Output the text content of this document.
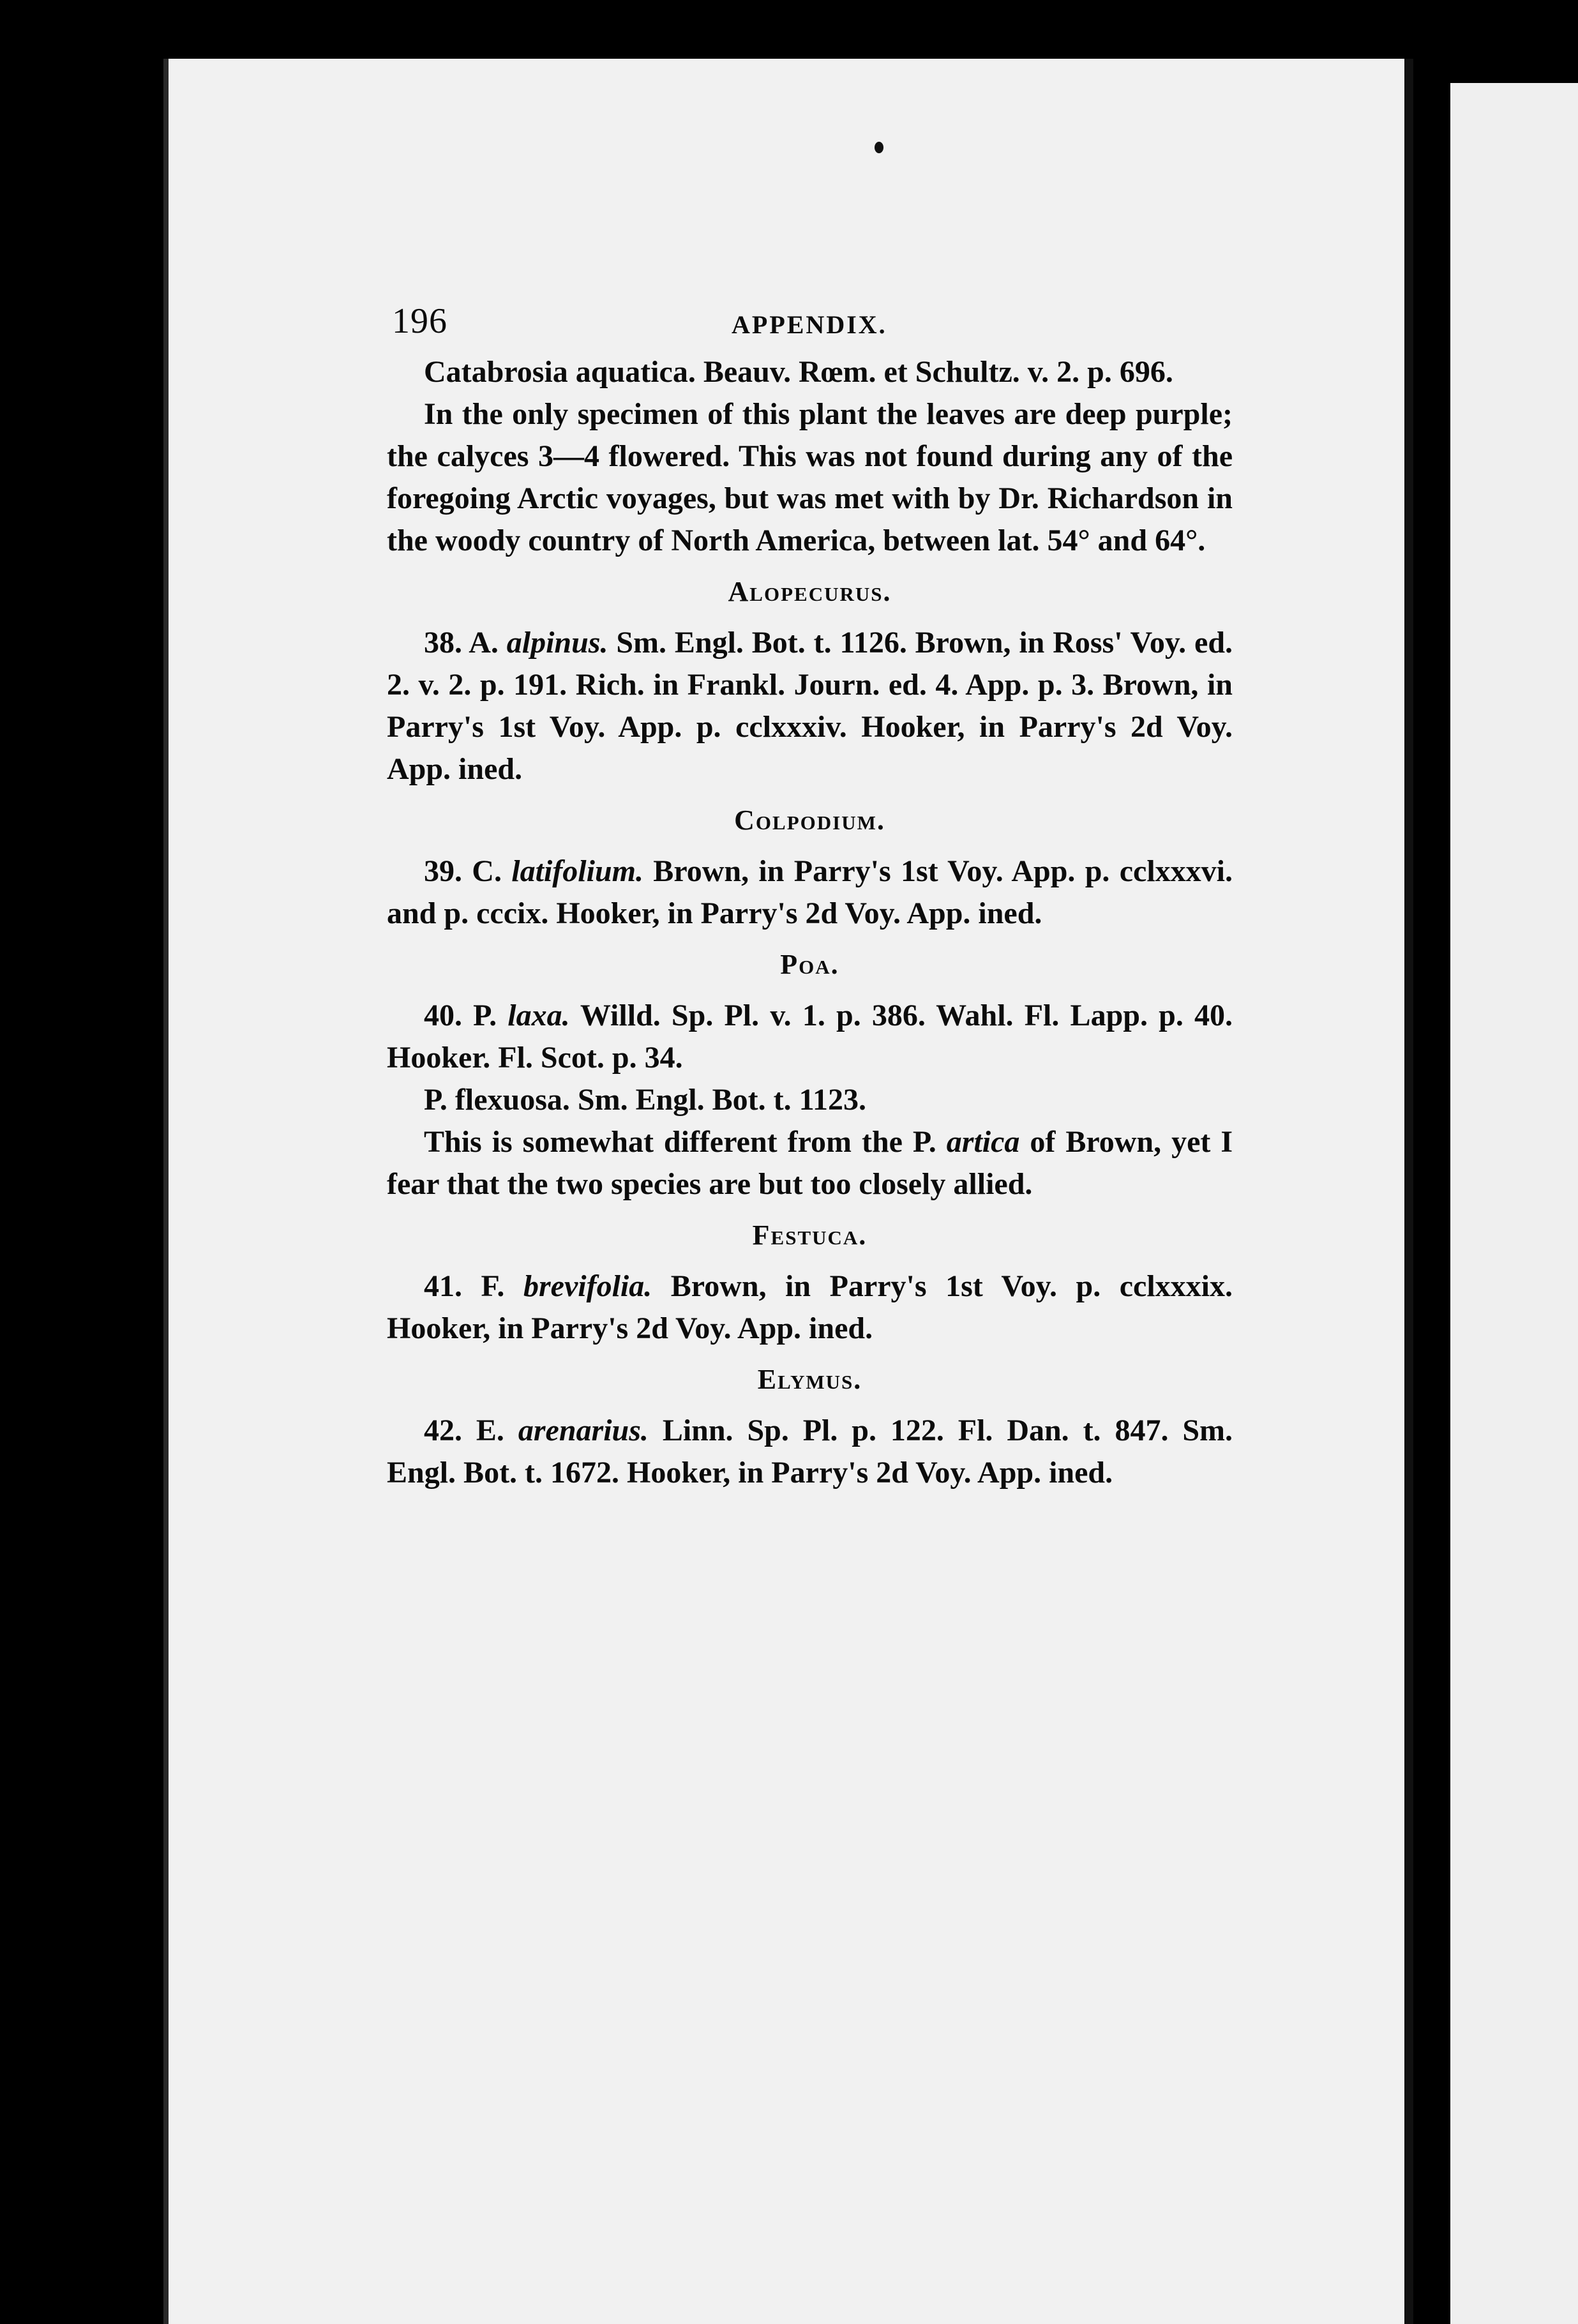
196	APPENDIX.

Catabrosia aquatica. Beauv. Rœm. et Schultz. v. 2. p. 696.

In the only specimen of this plant the leaves are deep purple; the calyces 3—4 flowered. This was not found during any of the foregoing Arctic voyages, but was met with by Dr. Richardson in the woody country of North America, between lat. 54° and 64°.

Alopecurus.

38. A. alpinus. Sm. Engl. Bot. t. 1126. Brown, in Ross' Voy. ed. 2. v. 2. p. 191. Rich. in Frankl. Journ. ed. 4. App. p. 3. Brown, in Parry's 1st Voy. App. p. cclxxxiv. Hooker, in Parry's 2d Voy. App. ined.

Colpodium.

39. C. latifolium. Brown, in Parry's 1st Voy. App. p. cclxxxvi. and p. cccix. Hooker, in Parry's 2d Voy. App. ined.

Poa.

40. P. laxa. Willd. Sp. Pl. v. 1. p. 386. Wahl. Fl. Lapp. p. 40. Hooker. Fl. Scot. p. 34.

P. flexuosa. Sm. Engl. Bot. t. 1123.

This is somewhat different from the P. artica of Brown, yet I fear that the two species are but too closely allied.

Festuca.

41. F. brevifolia. Brown, in Parry's 1st Voy. p. cclxxxix. Hooker, in Parry's 2d Voy. App. ined.

Elymus.

42. E. arenarius. Linn. Sp. Pl. p. 122. Fl. Dan. t. 847. Sm. Engl. Bot. t. 1672. Hooker, in Parry's 2d Voy. App. ined.
